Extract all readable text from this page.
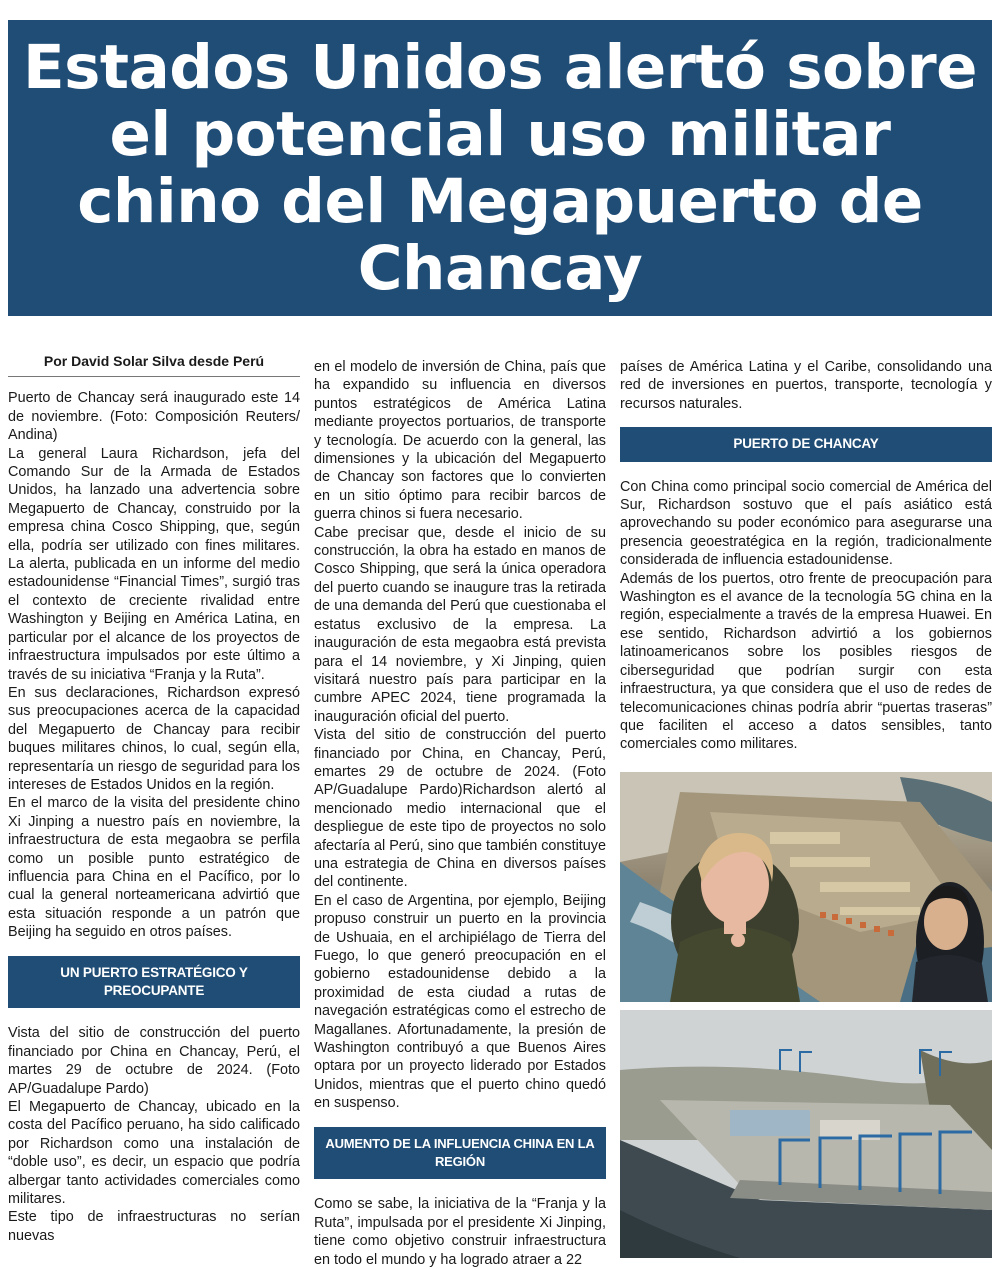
Estados Unidos alertó sobre el potencial uso militar chino del Megapuerto de Chancay

Por David Solar Silva desde Perú

Puerto de Chancay será inaugurado este 14 de noviembre. (Foto: Composición Reuters/ Andina)

La general Laura Richardson, jefa del Comando Sur de la Armada de Estados Unidos, ha lanzado una advertencia sobre Megapuerto de Chancay, construido por la empresa china Cosco Shipping, que, según ella, podría ser utilizado con fines militares. La alerta, publicada en un informe del medio estadounidense “Financial Times”, surgió tras el contexto de creciente rivalidad entre Washington y Beijing en América Latina, en particular por el alcance de los proyectos de infraestructura impulsados por este último a través de su iniciativa “Franja y la Ruta”.

En sus declaraciones, Richardson expresó sus preocupaciones acerca de la capacidad del Megapuerto de Chancay para recibir buques militares chinos, lo cual, según ella, representaría un riesgo de seguridad para los intereses de Estados Unidos en la región.

En el marco de la visita del presidente chino Xi Jinping a nuestro país en noviembre, la infraestructura de esta megaobra se perfila como un posible punto estratégico de influencia para China en el Pacífico, por lo cual la general norteamericana advirtió que esta situación responde a un patrón que Beijing ha seguido en otros países.

UN PUERTO ESTRATÉGICO Y PREOCUPANTE

Vista del sitio de construcción del puerto financiado por China en Chancay, Perú, el martes 29 de octubre de 2024. (Foto AP/Guadalupe Pardo)

El Megapuerto de Chancay, ubicado en la costa del Pacífico peruano, ha sido calificado por Richardson como una instalación de “doble uso”, es decir, un espacio que podría albergar tanto actividades comerciales como militares.

Este tipo de infraestructuras no serían nuevas

en el modelo de inversión de China, país que ha expandido su influencia en diversos puntos estratégicos de América Latina mediante proyectos portuarios, de transporte y tecnología. De acuerdo con la general, las dimensiones y la ubicación del Megapuerto de Chancay son factores que lo convierten en un sitio óptimo para recibir barcos de guerra chinos si fuera necesario.

Cabe precisar que, desde el inicio de su construcción, la obra ha estado en manos de Cosco Shipping, que será la única operadora del puerto cuando se inaugure tras la retirada de una demanda del Perú que cuestionaba el estatus exclusivo de la empresa. La inauguración de esta megaobra está prevista para el 14 noviembre, y Xi Jinping, quien visitará nuestro país para participar en la cumbre APEC 2024, tiene programada la inauguración oficial del puerto.

Vista del sitio de construcción del puerto financiado por China, en Chancay, Perú, emartes 29 de octubre de 2024. (Foto AP/Guadalupe Pardo)Richardson alertó al mencionado medio internacional que el despliegue de este tipo de proyectos no solo afectaría al Perú, sino que también constituye una estrategia de China en diversos países del continente.

En el caso de Argentina, por ejemplo, Beijing propuso construir un puerto en la provincia de Ushuaia, en el archipiélago de Tierra del Fuego, lo que generó preocupación en el gobierno estadounidense debido a la proximidad de esta ciudad a rutas de navegación estratégicas como el estrecho de Magallanes. Afortunadamente, la presión de Washington contribuyó a que Buenos Aires optara por un proyecto liderado por Estados Unidos, mientras que el puerto chino quedó en suspenso.

AUMENTO DE LA INFLUENCIA CHINA EN LA REGIÓN

Como se sabe, la iniciativa de la “Franja y la Ruta”, impulsada por el presidente Xi Jinping, tiene como objetivo construir infraestructura en todo el mundo y ha logrado atraer a 22

países de América Latina y el Caribe, consolidando una red de inversiones en puertos, transporte, tecnología y recursos naturales.

PUERTO DE CHANCAY

Con China como principal socio comercial de América del Sur, Richardson sostuvo que el país asiático está aprovechando su poder económico para asegurarse una presencia geoestratégica en la región, tradicionalmente considerada de influencia estadounidense.

Además de los puertos, otro frente de preocupación para Washington es el avance de la tecnología 5G china en la región, especialmente a través de la empresa Huawei. En ese sentido, Richardson advirtió a los gobiernos latinoamericanos sobre los posibles riesgos de ciberseguridad que podrían surgir con esta infraestructura, ya que considera que el uso de redes de telecomunicaciones chinas podría abrir “puertas traseras” que faciliten el acceso a datos sensibles, tanto comerciales como militares.
